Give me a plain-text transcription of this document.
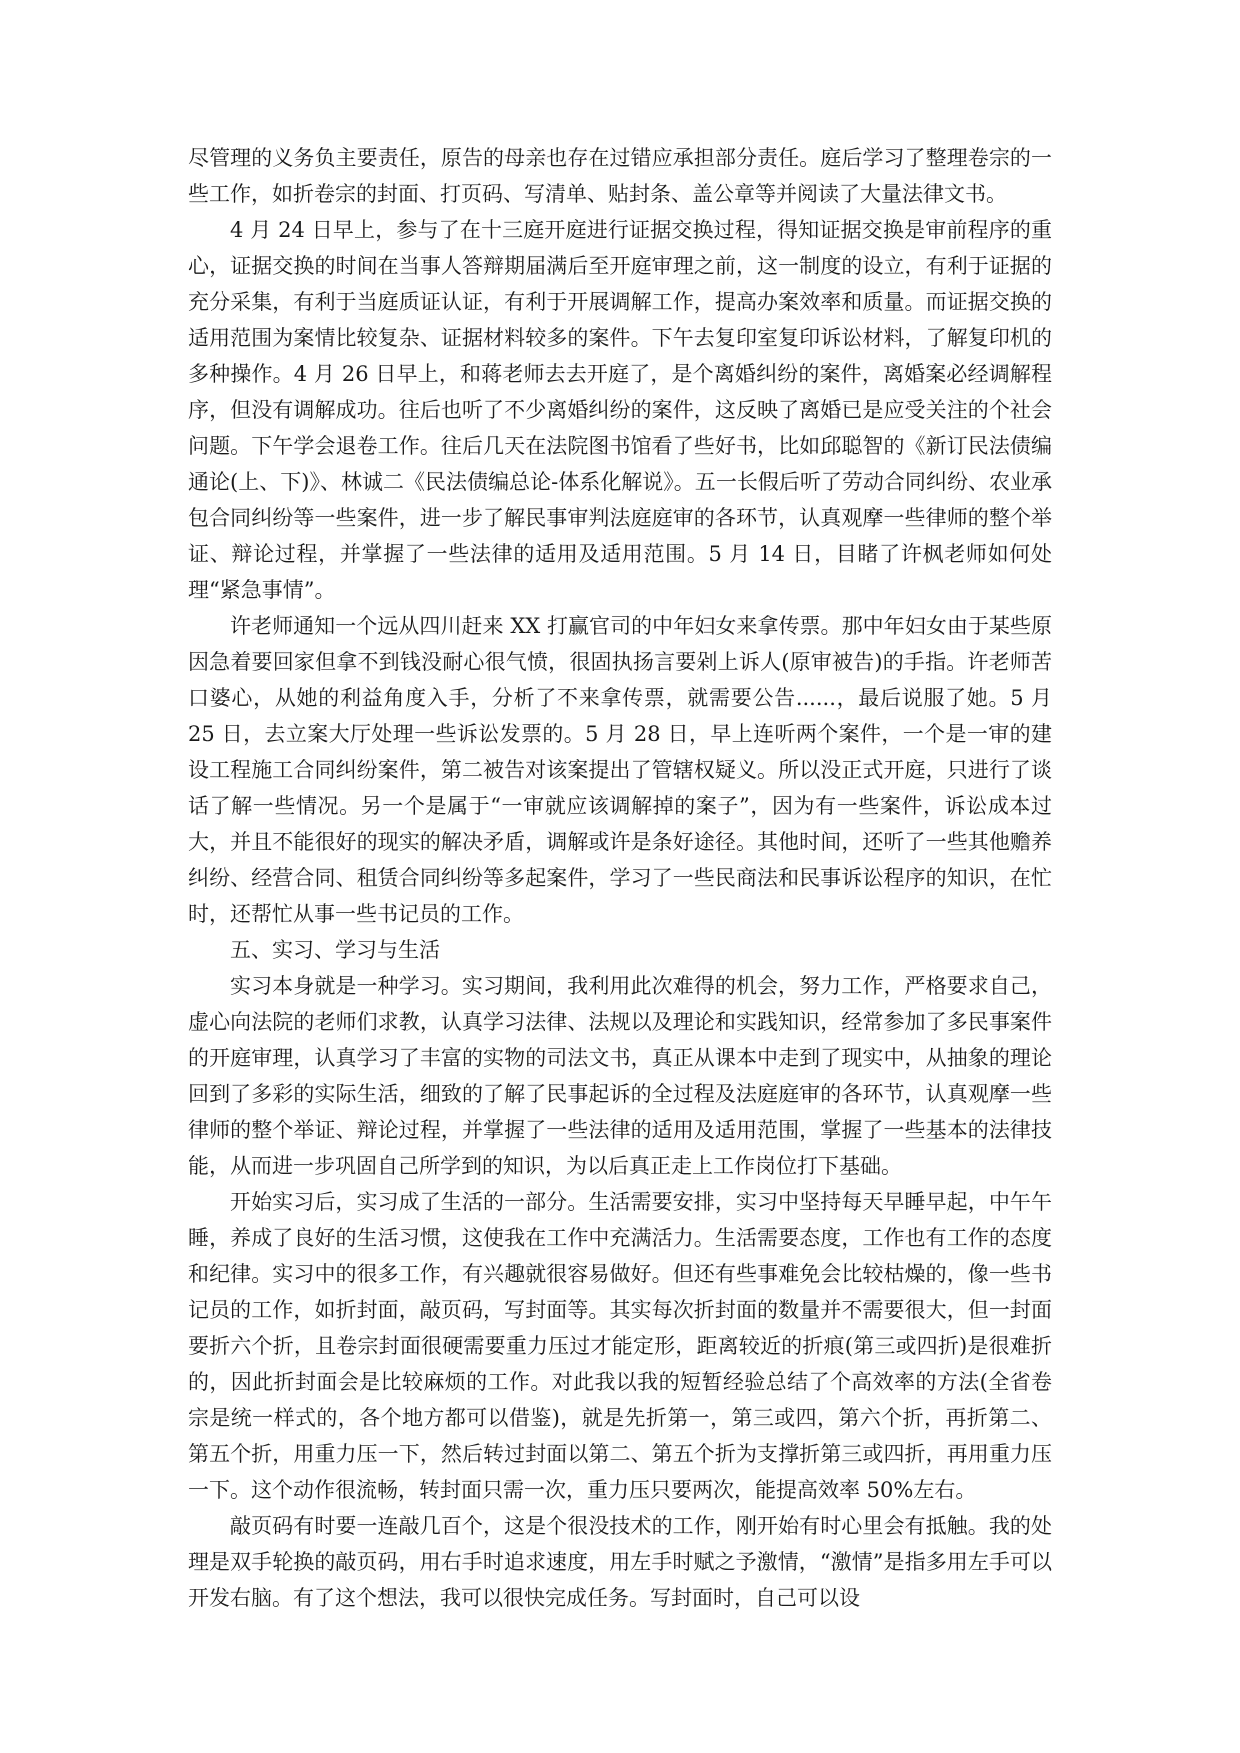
尽管理的义务负主要责任，原告的母亲也存在过错应承担部分责任。庭后学习了整理卷宗的一些工作，如折卷宗的封面、打页码、写清单、贴封条、盖公章等并阅读了大量法律文书。

4 月 24 日早上，参与了在十三庭开庭进行证据交换过程，得知证据交换是审前程序的重心，证据交换的时间在当事人答辩期届满后至开庭审理之前，这一制度的设立，有利于证据的充分采集，有利于当庭质证认证，有利于开展调解工作，提高办案效率和质量。而证据交换的适用范围为案情比较复杂、证据材料较多的案件。下午去复印室复印诉讼材料，了解复印机的多种操作。4 月 26 日早上，和蒋老师去去开庭了，是个离婚纠纷的案件，离婚案必经调解程序，但没有调解成功。往后也听了不少离婚纠纷的案件，这反映了离婚已是应受关注的个社会问题。下午学会退卷工作。往后几天在法院图书馆看了些好书，比如邱聪智的《新订民法债编通论(上、下)》、林诚二《民法债编总论-体系化解说》。五一长假后听了劳动合同纠纷、农业承包合同纠纷等一些案件，进一步了解民事审判法庭庭审的各环节，认真观摩一些律师的整个举证、辩论过程，并掌握了一些法律的适用及适用范围。5 月 14 日，目睹了许枫老师如何处理“紧急事情”。

许老师通知一个远从四川赶来 XX 打赢官司的中年妇女来拿传票。那中年妇女由于某些原因急着要回家但拿不到钱没耐心很气愤，很固执扬言要剁上诉人(原审被告)的手指。许老师苦口婆心，从她的利益角度入手，分析了不来拿传票，就需要公告......，最后说服了她。5 月 25 日，去立案大厅处理一些诉讼发票的。5 月 28 日，早上连听两个案件，一个是一审的建设工程施工合同纠纷案件，第二被告对该案提出了管辖权疑义。所以没正式开庭，只进行了谈话了解一些情况。另一个是属于“一审就应该调解掉的案子”，因为有一些案件，诉讼成本过大，并且不能很好的现实的解决矛盾，调解或许是条好途径。其他时间，还听了一些其他赡养纠纷、经营合同、租赁合同纠纷等多起案件，学习了一些民商法和民事诉讼程序的知识，在忙时，还帮忙从事一些书记员的工作。

五、实习、学习与生活

实习本身就是一种学习。实习期间，我利用此次难得的机会，努力工作，严格要求自己，虚心向法院的老师们求教，认真学习法律、法规以及理论和实践知识，经常参加了多民事案件的开庭审理，认真学习了丰富的实物的司法文书，真正从课本中走到了现实中，从抽象的理论回到了多彩的实际生活，细致的了解了民事起诉的全过程及法庭庭审的各环节，认真观摩一些律师的整个举证、辩论过程，并掌握了一些法律的适用及适用范围，掌握了一些基本的法律技能，从而进一步巩固自己所学到的知识，为以后真正走上工作岗位打下基础。

开始实习后，实习成了生活的一部分。生活需要安排，实习中坚持每天早睡早起，中午午睡，养成了良好的生活习惯，这使我在工作中充满活力。生活需要态度，工作也有工作的态度和纪律。实习中的很多工作，有兴趣就很容易做好。但还有些事难免会比较枯燥的，像一些书记员的工作，如折封面，敲页码，写封面等。其实每次折封面的数量并不需要很大，但一封面要折六个折，且卷宗封面很硬需要重力压过才能定形，距离较近的折痕(第三或四折)是很难折的，因此折封面会是比较麻烦的工作。对此我以我的短暂经验总结了个高效率的方法(全省卷宗是统一样式的，各个地方都可以借鉴)，就是先折第一，第三或四，第六个折，再折第二、第五个折，用重力压一下，然后转过封面以第二、第五个折为支撑折第三或四折，再用重力压一下。这个动作很流畅，转封面只需一次，重力压只要两次，能提高效率 50%左右。

敲页码有时要一连敲几百个，这是个很没技术的工作，刚开始有时心里会有抵触。我的处理是双手轮换的敲页码，用右手时追求速度，用左手时赋之予激情，“激情”是指多用左手可以开发右脑。有了这个想法，我可以很快完成任务。写封面时，自己可以设
